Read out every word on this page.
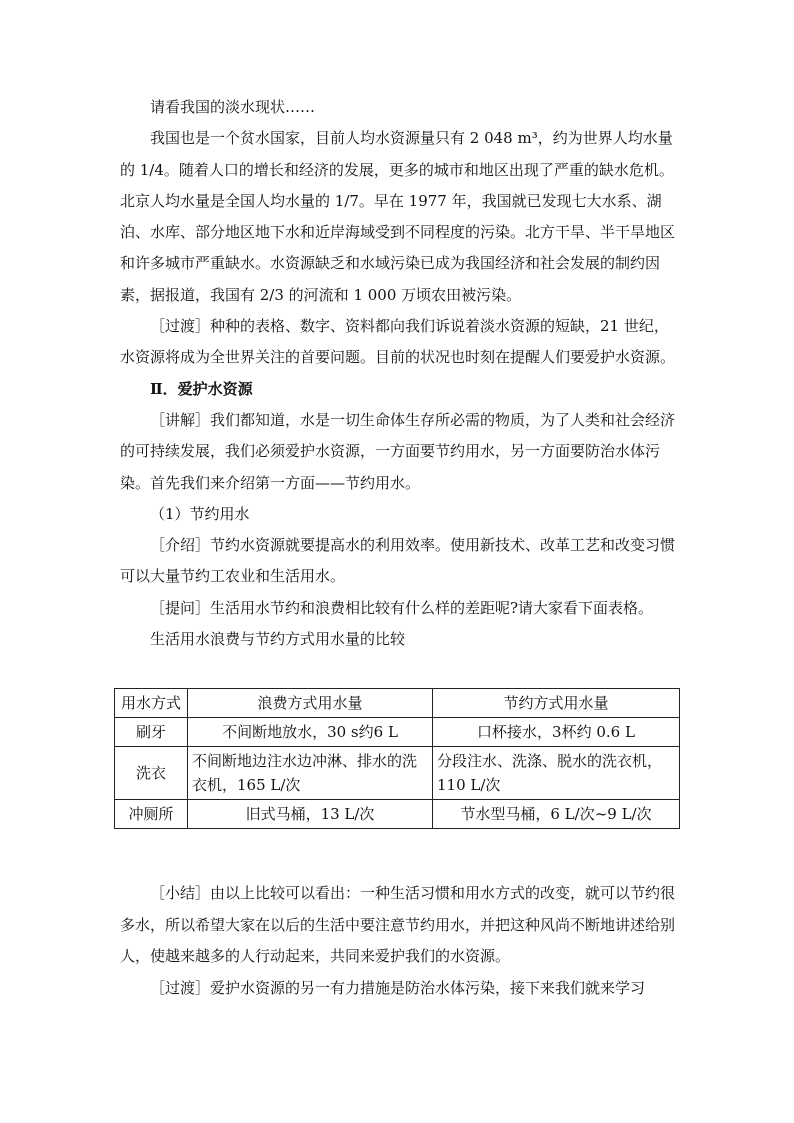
请看我国的淡水现状……

我国也是一个贫水国家，目前人均水资源量只有 2 048 m³，约为世界人均水量的 1/4。随着人口的增长和经济的发展，更多的城市和地区出现了严重的缺水危机。北京人均水量是全国人均水量的 1/7。早在 1977 年，我国就已发现七大水系、湖泊、水库、部分地区地下水和近岸海域受到不同程度的污染。北方干旱、半干旱地区和许多城市严重缺水。水资源缺乏和水域污染已成为我国经济和社会发展的制约因素，据报道，我国有 2/3 的河流和 1 000 万顷农田被污染。

［过渡］种种的表格、数字、资料都向我们诉说着淡水资源的短缺，21 世纪，水资源将成为全世界关注的首要问题。目前的状况也时刻在提醒人们要爱护水资源。

Ⅱ．爱护水资源

［讲解］我们都知道，水是一切生命体生存所必需的物质，为了人类和社会经济的可持续发展，我们必须爱护水资源，一方面要节约用水，另一方面要防治水体污染。首先我们来介绍第一方面——节约用水。

（1）节约用水

［介绍］节约水资源就要提高水的利用效率。使用新技术、改革工艺和改变习惯可以大量节约工农业和生活用水。

［提问］生活用水节约和浪费相比较有什么样的差距呢?请大家看下面表格。

生活用水浪费与节约方式用水量的比较

用水方式	浪费方式用水量	节约方式用水量
刷牙	不间断地放水，30 s约6 L	口杯接水，3杯约 0.6 L
洗衣	不间断地边注水边冲淋、排水的洗衣机，165 L/次	分段注水、洗涤、脱水的洗衣机，110 L/次
冲厕所	旧式马桶，13 L/次	节水型马桶，6 L/次~9 L/次

［小结］由以上比较可以看出：一种生活习惯和用水方式的改变，就可以节约很多水，所以希望大家在以后的生活中要注意节约用水，并把这种风尚不断地讲述给别人，使越来越多的人行动起来，共同来爱护我们的水资源。

［过渡］爱护水资源的另一有力措施是防治水体污染，接下来我们就来学习
